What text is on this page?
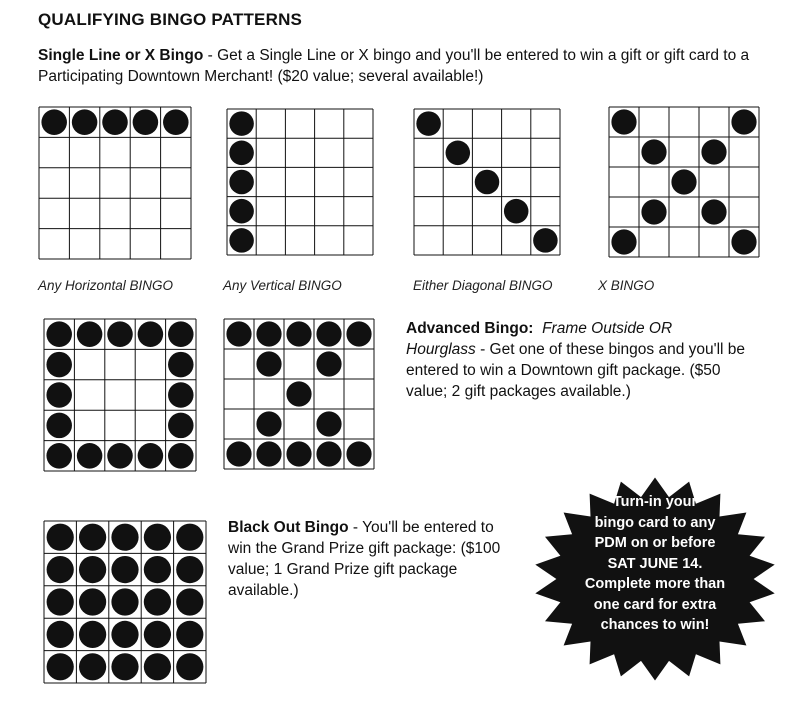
QUALIFYING BINGO PATTERNS
Single Line or X Bingo - Get a Single Line or X bingo and you'll be entered to win a gift or gift card to a Participating Downtown Merchant! ($20 value; several available!)
Any Horizontal BINGO	Any Vertical BINGO	Either Diagonal BINGO	X BINGO
Advanced Bingo: Frame Outside OR Hourglass - Get one of these bingos and you'll be entered to win a Downtown gift package. ($50 value; 2 gift packages available.)
Black Out Bingo - You'll be entered to win the Grand Prize gift package: ($100 value; 1 Grand Prize gift package available.)
Turn-in your
bingo card to any
PDM on or before
SAT JUNE 14.
Complete more than
one card for extra
chances to win!
